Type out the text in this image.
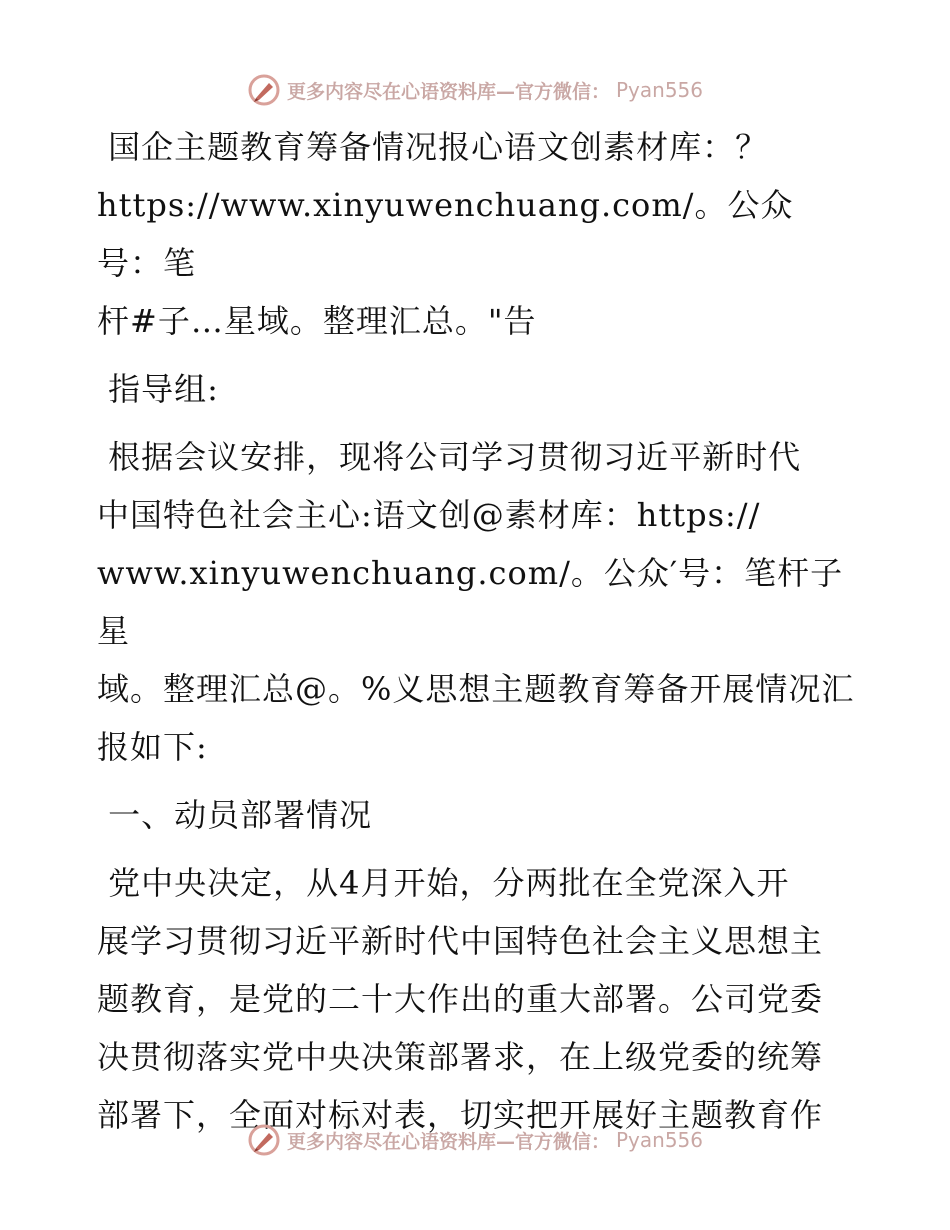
更多内容尽在心语资料库—官方微信： Pyan556

国企主题教育筹备情况报心语文创素材库：？
https://www.xinyuwenchuang.com/。公众号：笔
杆#子…星域。整理汇总。"告

指导组:

根据会议安排，现将公司学习贯彻习近平新时代
中国特色社会主心:语文创@素材库：https://
www.xinyuwenchuang.com/。公众′号：笔杆子星
域。整理汇总@。%义思想主题教育筹备开展情况汇
报如下:

一、动员部署情况

党中央决定，从4月开始，分两批在全党深入开
展学习贯彻习近平新时代中国特色社会主义思想主
题教育，是党的二十大作出的重大部署。公司党委
决贯彻落实党中央决策部署求，在上级党委的统筹
部署下，全面对标对表，切实把开展好主题教育作

更多内容尽在心语资料库—官方微信： Pyan556
